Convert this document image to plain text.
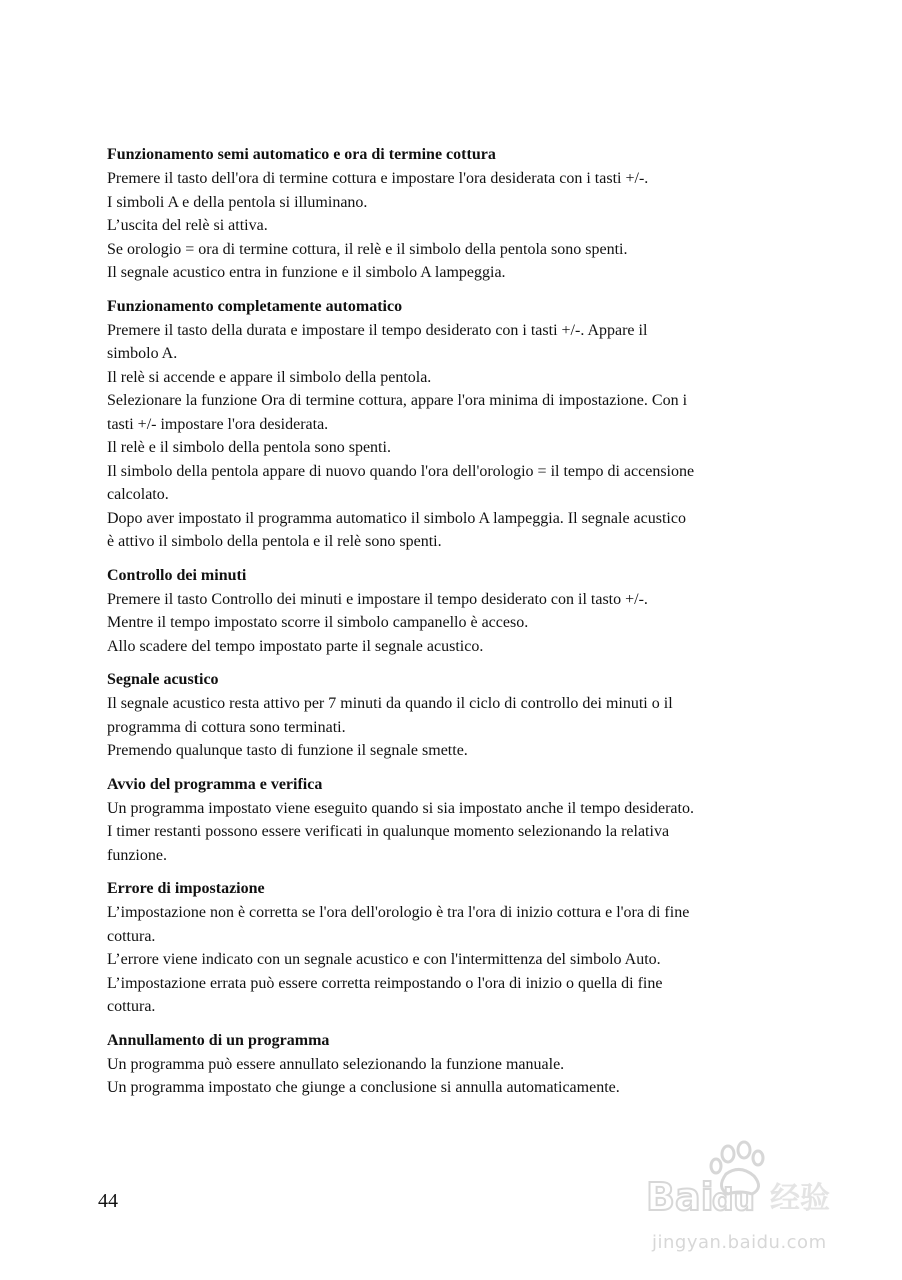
Funzionamento semi automatico e ora di termine cottura
Premere il tasto dell'ora di termine cottura e impostare l'ora desiderata con i tasti +/-.
I simboli A e della pentola si illuminano.
L’uscita del relè si attiva.
Se orologio = ora di termine cottura, il relè e il simbolo della pentola sono spenti.
Il segnale acustico entra in funzione e il simbolo A lampeggia.
Funzionamento completamente automatico
Premere il tasto della durata e impostare il tempo desiderato con i tasti +/-. Appare il
simbolo A.
Il relè si accende e appare il simbolo della pentola.
Selezionare la funzione Ora di termine cottura, appare l'ora minima di impostazione. Con i
tasti +/- impostare l'ora desiderata.
Il relè e il simbolo della pentola sono spenti.
Il simbolo della pentola appare di nuovo quando l'ora dell'orologio = il tempo di accensione
calcolato.
Dopo aver impostato il programma automatico il simbolo A lampeggia. Il segnale acustico
è attivo il simbolo della pentola e il relè sono spenti.
Controllo dei minuti
Premere il tasto Controllo dei minuti e impostare il tempo desiderato con il tasto +/-.
Mentre il tempo impostato scorre il simbolo campanello è acceso.
Allo scadere del tempo impostato parte il segnale acustico.
Segnale acustico
Il segnale acustico resta attivo per 7 minuti da quando il ciclo di controllo dei minuti o il
programma di cottura sono terminati.
Premendo qualunque tasto di funzione il segnale smette.
Avvio del programma e verifica
Un programma impostato viene eseguito quando si sia impostato anche il tempo desiderato.
I timer restanti possono essere verificati in qualunque momento selezionando la relativa
funzione.
Errore di impostazione
L’impostazione non è corretta se l'ora dell'orologio è tra l'ora di inizio cottura e l'ora di fine
cottura.
L’errore viene indicato con un segnale acustico e con l'intermittenza del simbolo Auto.
L’impostazione errata può essere corretta reimpostando o l'ora di inizio o quella di fine
cottura.
Annullamento di un programma
Un programma può essere annullato selezionando la funzione manuale.
Un programma impostato che giunge a conclusione si annulla automaticamente.
44	Bai
du 经验
jingyan.baidu.com
